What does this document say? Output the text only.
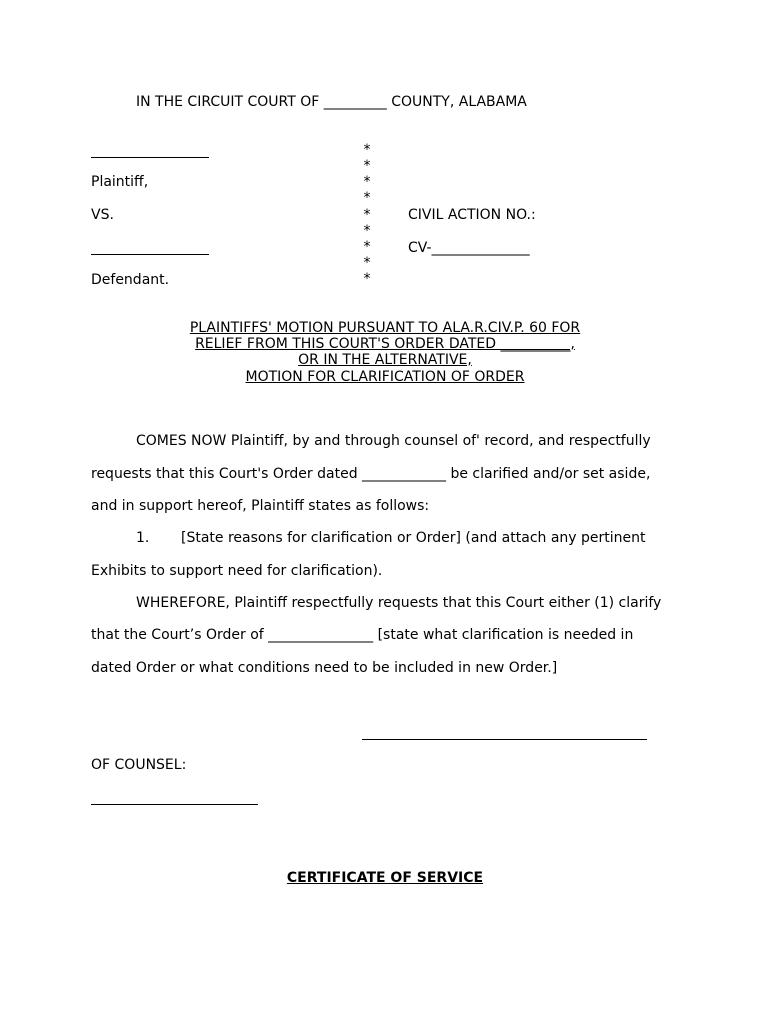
IN THE CIRCUIT COURT OF _________ COUNTY, ALABAMA
Plaintiff,
VS.
Defendant.
*
*
*
*
*
*
*
*
*
CIVIL ACTION NO.:
CV-______________
PLAINTIFFS' MOTION PURSUANT TO ALA.R.CIV.P. 60 FOR
RELIEF FROM THIS COURT'S ORDER DATED __________,
OR IN THE ALTERNATIVE,
MOTION FOR CLARIFICATION OF ORDER
COMES NOW Plaintiff, by and through counsel of' record, and respectfully
requests that this Court's Order dated ____________ be clarified and/or set aside,
and in support hereof, Plaintiff states as follows:
1. [State reasons for clarification or Order] (and attach any pertinent
Exhibits to support need for clarification).
WHEREFORE, Plaintiff respectfully requests that this Court either (1) clarify
that the Court’s Order of _______________ [state what clarification is needed in
dated Order or what conditions need to be included in new Order.]
OF COUNSEL:
CERTIFICATE OF SERVICE
